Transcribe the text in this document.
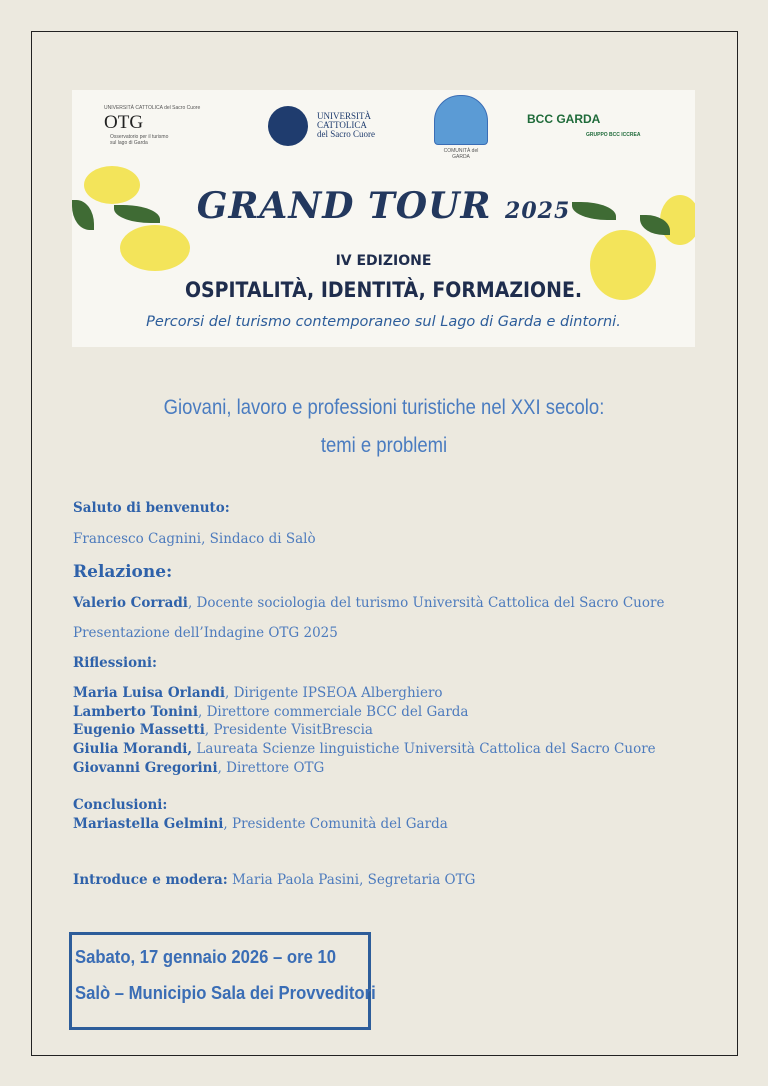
UNIVERSITÀ CATTOLICA del Sacro Cuore
OTG
Osservatorio per il turismo sul lago di Garda
UNIVERSITÀ CATTOLICA del Sacro Cuore
COMUNITÀ del GARDA
BCC GARDA
GRUPPO BCC ICCREA
GRAND TOUR 2025
IV EDIZIONE
OSPITALITÀ, IDENTITÀ, FORMAZIONE.
Percorsi del turismo contemporaneo sul Lago di Garda e dintorni.
Giovani, lavoro e professioni turistiche nel XXI secolo:
temi e problemi
Saluto di benvenuto:
Francesco Cagnini, Sindaco di Salò
Relazione:
Valerio Corradi, Docente sociologia del turismo Università Cattolica del Sacro Cuore
Presentazione dell’Indagine OTG 2025
Riflessioni:
Maria Luisa Orlandi, Dirigente IPSEOA Alberghiero
Lamberto Tonini, Direttore commerciale BCC del Garda
Eugenio Massetti, Presidente VisitBrescia
Giulia Morandi, Laureata Scienze linguistiche Università Cattolica del Sacro Cuore
Giovanni Gregorini, Direttore OTG
Conclusioni:
Mariastella Gelmini, Presidente Comunità del Garda
Introduce e modera: Maria Paola Pasini, Segretaria OTG
Sabato, 17 gennaio 2026 – ore 10
Salò – Municipio Sala dei Provveditori
